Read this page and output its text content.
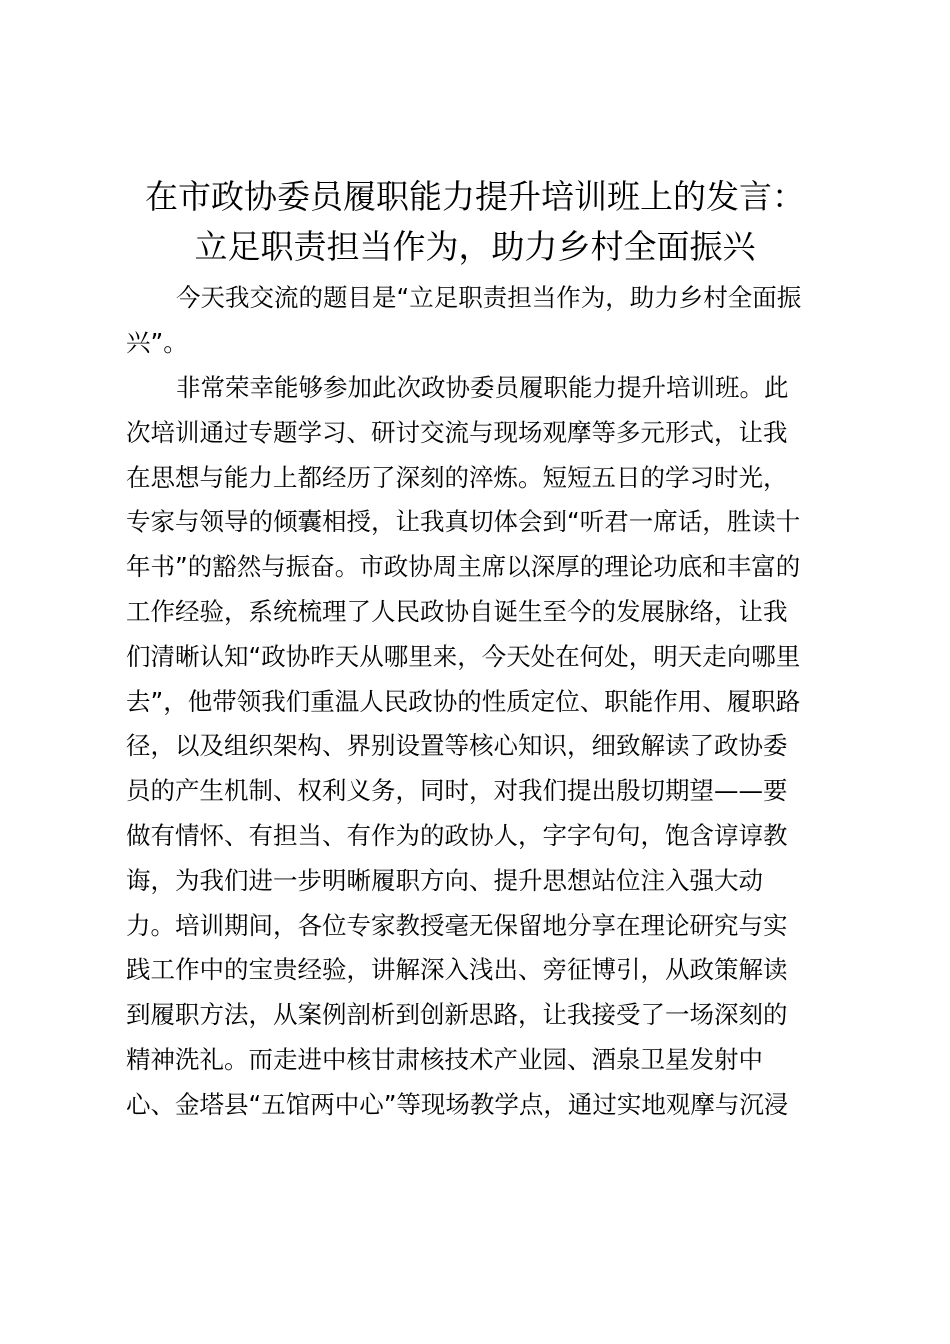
在市政协委员履职能力提升培训班上的发言：
立足职责担当作为，助力乡村全面振兴
今天我交流的题目是“立足职责担当作为，助力乡村全面振
兴”。
非常荣幸能够参加此次政协委员履职能力提升培训班。此
次培训通过专题学习、研讨交流与现场观摩等多元形式，让我
在思想与能力上都经历了深刻的淬炼。短短五日的学习时光，
专家与领导的倾囊相授，让我真切体会到“听君一席话，胜读十
年书”的豁然与振奋。市政协周主席以深厚的理论功底和丰富的
工作经验，系统梳理了人民政协自诞生至今的发展脉络，让我
们清晰认知“政协昨天从哪里来，今天处在何处，明天走向哪里
去”，他带领我们重温人民政协的性质定位、职能作用、履职路
径，以及组织架构、界别设置等核心知识，细致解读了政协委
员的产生机制、权利义务，同时，对我们提出殷切期望——要
做有情怀、有担当、有作为的政协人，字字句句，饱含谆谆教
诲，为我们进一步明晰履职方向、提升思想站位注入强大动
力。培训期间，各位专家教授毫无保留地分享在理论研究与实
践工作中的宝贵经验，讲解深入浅出、旁征博引，从政策解读
到履职方法，从案例剖析到创新思路，让我接受了一场深刻的
精神洗礼。而走进中核甘肃核技术产业园、酒泉卫星发射中
心、金塔县“五馆两中心”等现场教学点，通过实地观摩与沉浸
